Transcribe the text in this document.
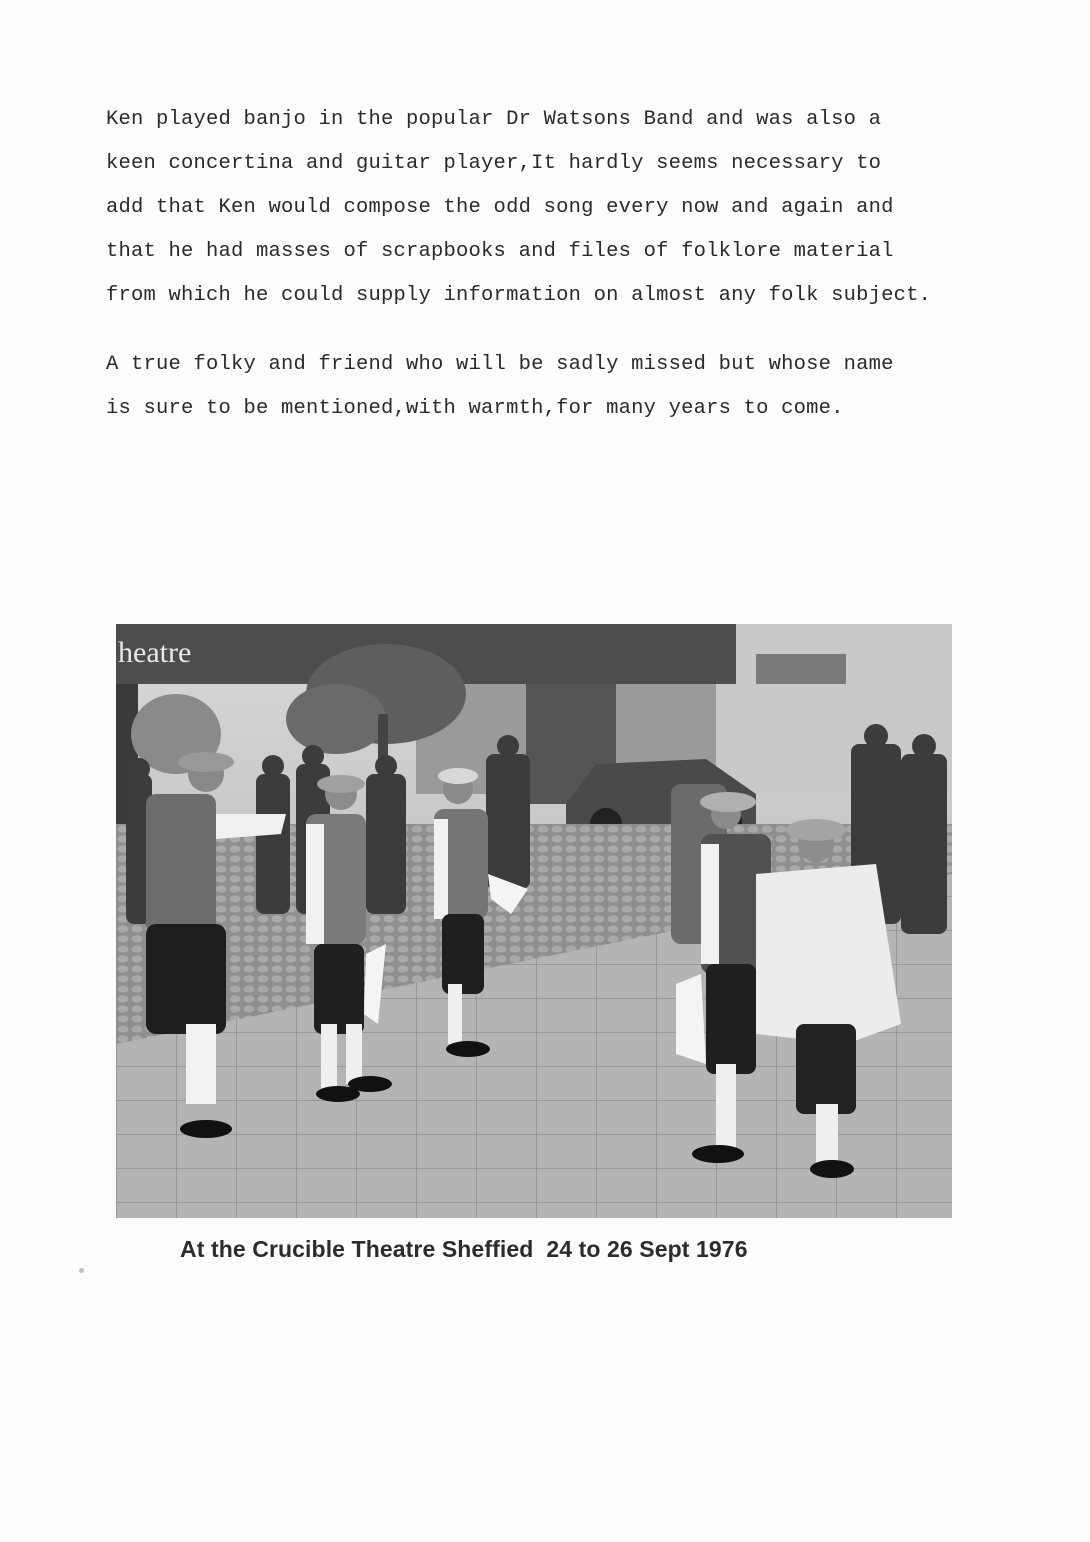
Ken played banjo in the popular Dr Watsons Band and was also a
keen concertina and guitar player,It hardly seems necessary to
add that Ken would compose the odd song every now and again and
that he had masses of scrapbooks and files of folklore material
from which he could supply information on almost any folk subject.
A true folky and friend who will be sadly missed but whose name
is sure to be mentioned,with warmth,for many years to come.
heatre
At the Crucible Theatre Sheffied  24 to 26 Sept 1976
